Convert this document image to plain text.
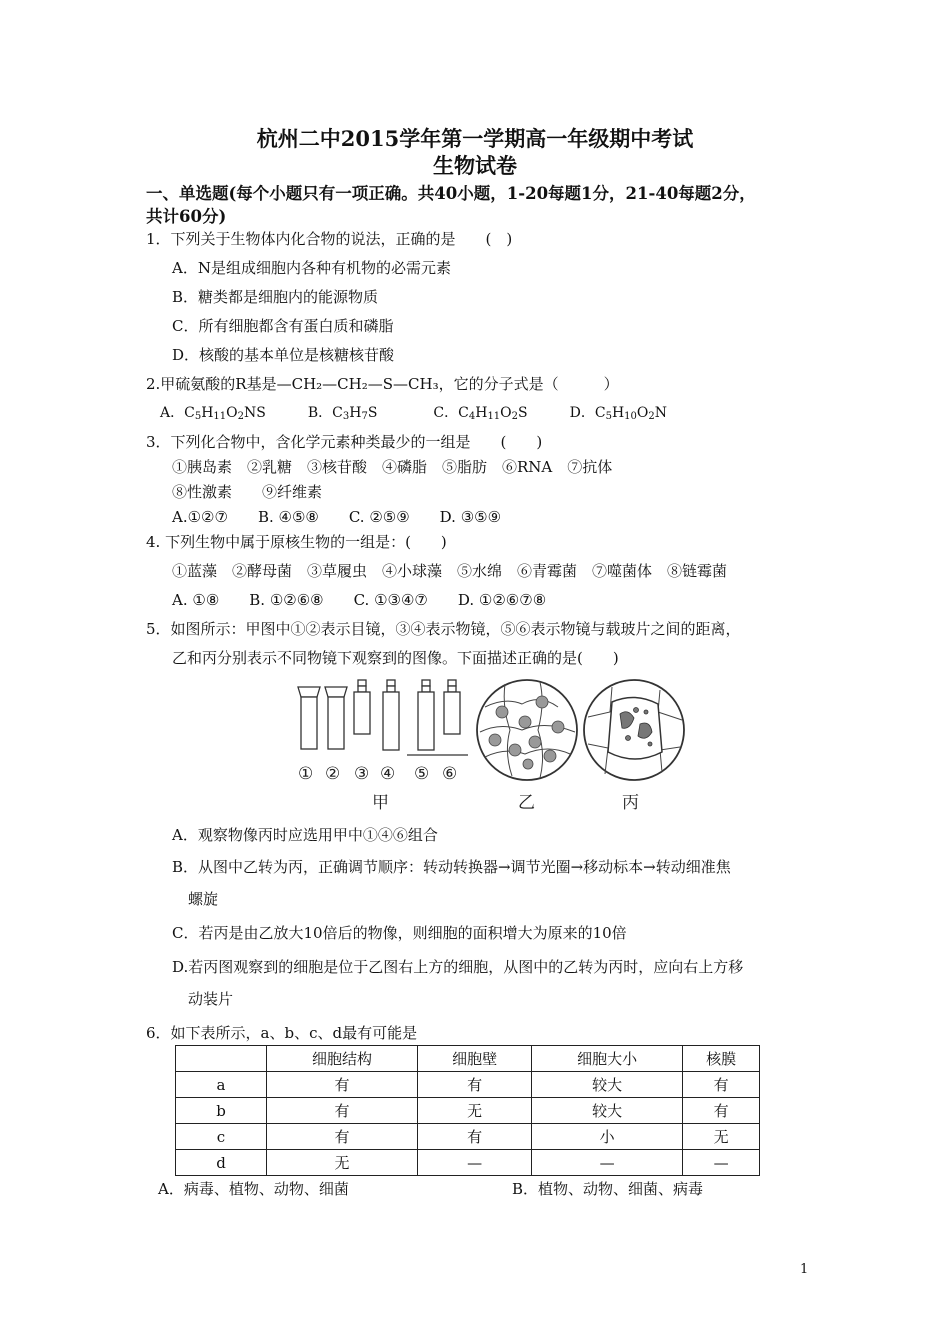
杭州二中2015学年第一学期高一年级期中考试
生物试卷
一、单选题(每个小题只有一项正确。共40小题，1-20每题1分，21-40每题2分，
共计60分)
1．下列关于生物体内化合物的说法，正确的是　　(　)
A．N是组成细胞内各种有机物的必需元素
B．糖类都是细胞内的能源物质
C．所有细胞都含有蛋白质和磷脂
D．核酸的基本单位是核糖核苷酸
2.甲硫氨酸的R基是—CH₂—CH₂—S—CH₃，它的分子式是（　　　）
A．$C_5H_{11}O_2NS$　　　B．$C_3H_7S$　　　　C．$C_4H_{11}O_2S$　　　D．$C_5H_{10}O_2N$
3．下列化合物中，含化学元素种类最少的一组是　　(　　)
①胰岛素　②乳糖　③核苷酸　④磷脂　⑤脂肪　⑥RNA　⑦抗体
⑧性激素　　⑨纤维素
A.①②⑦　　B. ④⑤⑧　　C. ②⑤⑨　　D. ③⑤⑨
4. 下列生物中属于原核生物的一组是：(　　)
①蓝藻　②酵母菌　③草履虫　④小球藻　⑤水绵　⑥青霉菌　⑦噬菌体　⑧链霉菌
A. ①⑧　　B. ①②⑥⑧　　C. ①③④⑦　　D. ①②⑥⑦⑧
5．如图所示：甲图中①②表示目镜，③④表示物镜，⑤⑥表示物镜与载玻片之间的距离，
乙和丙分别表示不同物镜下观察到的图像。下面描述正确的是(　　)
① ② ③ ④ ⑤ ⑥
甲	乙	丙
A．观察物像丙时应选用甲中①④⑥组合
B．从图中乙转为丙，正确调节顺序：转动转换器→调节光圈→移动标本→转动细准焦
螺旋
C．若丙是由乙放大10倍后的物像，则细胞的面积增大为原来的10倍
D.若丙图观察到的细胞是位于乙图右上方的细胞，从图中的乙转为丙时，应向右上方移
动装片
6．如下表所示，a、b、c、d最有可能是
	细胞结构	细胞壁	细胞大小	核膜
a	有	有	较大	有
b	有	无	较大	有
c	有	有	小	无
d	无	—	—	—
A．病毒、植物、动物、细菌	B．植物、动物、细菌、病毒
1
